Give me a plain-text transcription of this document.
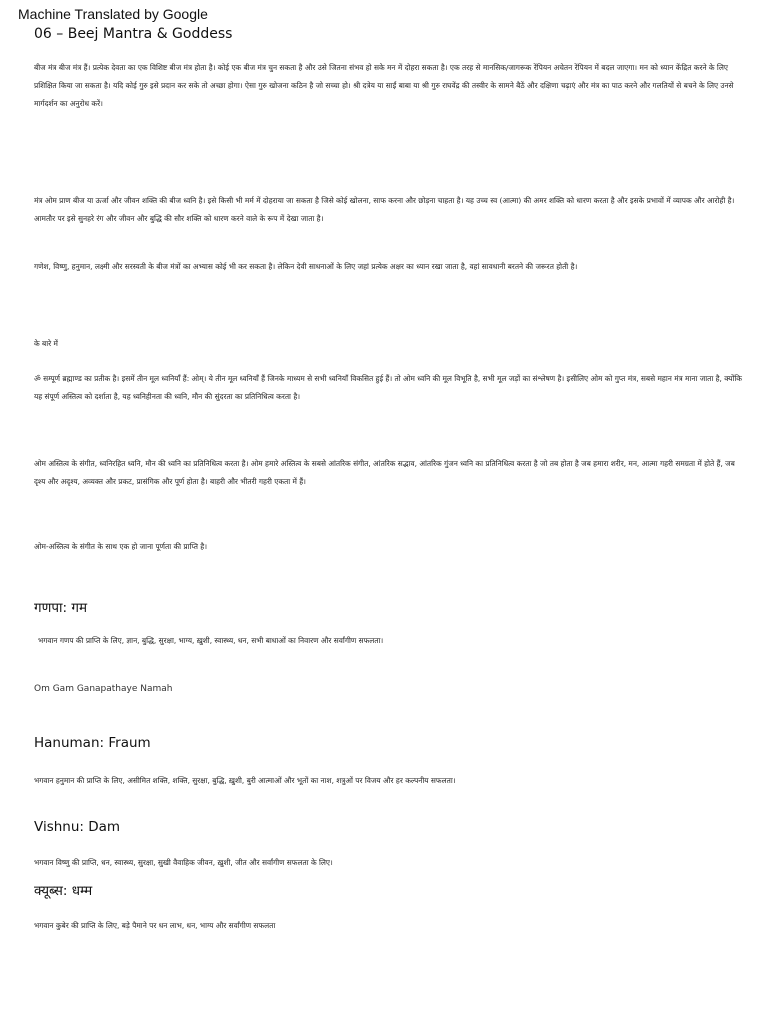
Machine Translated by Google
06 – Beej Mantra & Goddess

बीज मंत्र बीज मंत्र हैं। प्रत्येक देवता का एक विशिष्ट बीज मंत्र होता है। कोई एक बीज मंत्र चुन सकता है और उसे जितना संभव हो सके मन में दोहरा सकता है। एक तरह से मानसिक/जागरूक रेंपियन अचेतन रेंपियन में बदल जाएगा। मन को ध्यान केंद्रित करने के लिए प्रशिक्षित किया जा सकता है। यदि कोई गुरु इसे प्रदान कर सके तो अच्छा होगा। ऐसा गुरु खोजना कठिन है जो सच्चा हो। श्री दत्रेय या साईं बाबा या श्री गुरु राघवेंद्र की तस्वीर के सामने बैठें और दक्षिणा चढ़ाएं और मंत्र का पाठ करने और गलतियों से बचने के लिए उनसे मार्गदर्शन का अनुरोध करें।

मंत्र ओम प्राण बीज या ऊर्जा और जीवन शक्ति की बीज ध्वनि है। इसे किसी भी मर्म में दोहराया जा सकता है जिसे कोई खोलना, साफ करना और छोड़ना चाहता है। यह उच्च स्व (आत्मा) की अमर शक्ति को धारण करता है और इसके प्रभावों में व्यापक और आरोही है। आमतौर पर इसे सुनहरे रंग और जीवन और बुद्धि की सौर शक्ति को धारण करने वाले के रूप में देखा जाता है।

गणेश, विष्णु, हनुमान, लक्ष्मी और सरस्वती के बीज मंत्रों का अभ्यास कोई भी कर सकता है। लेकिन देवी साधनाओं के लिए जहां प्रत्येक अक्षर का ध्यान रखा जाता है, वहां सावधानी बरतने की जरूरत होती है।

के बारे में

ॐ सम्पूर्ण ब्रह्माण्ड का प्रतीक है। इसमें तीन मूल ध्वनियाँ हैं: ओम्। ये तीन मूल ध्वनियाँ हैं जिनके माध्यम से सभी ध्वनियाँ विकसित हुई हैं। तो ओम ध्वनि की मूल विभूति है, सभी मूल जड़ों का संश्लेषण है। इसीलिए ओम को गुप्त मंत्र, सबसे महान मंत्र माना जाता है, क्योंकि यह संपूर्ण अस्तित्व को दर्शाता है, यह ध्वनिहीनता की ध्वनि, मौन की सुंदरता का प्रतिनिधित्व करता है।

ओम अस्तित्व के संगीत, ध्वनिरहित ध्वनि, मौन की ध्वनि का प्रतिनिधित्व करता है। ओम हमारे अस्तित्व के सबसे आंतरिक संगीत, आंतरिक सद्भाव, आंतरिक गुंजन ध्वनि का प्रतिनिधित्व करता है जो तब होता है जब हमारा शरीर, मन, आत्मा गहरी समग्रता में होते हैं, जब दृश्य और अदृश्य, अव्यक्त और प्रकट, प्रासंगिक और पूर्ण होता है। बाहरी और भीतरी गहरी एकता में हैं।

ओम-अस्तित्व के संगीत के साथ एक हो जाना पूर्णता की प्राप्ति है।

गणपा: गम

भगवान गणप की प्राप्ति के लिए, ज्ञान, बुद्धि, सुरक्षा, भाग्य, ख़ुशी, स्वास्थ्य, धन, सभी बाधाओं का निवारण और सर्वांगीण सफलता।

Om Gam Ganapathaye Namah

Hanuman: Fraum

भगवान हनुमान की प्राप्ति के लिए, असीमित शक्ति, शक्ति, सुरक्षा, बुद्धि, ख़ुशी, बुरी आत्माओं और भूतों का नाश, शत्रुओं पर विजय और हर कल्पनीय सफलता।

Vishnu: Dam

भगवान विष्णु की प्राप्ति, धन, स्वास्थ्य, सुरक्षा, सुखी वैवाहिक जीवन, ख़ुशी, जीत और सर्वांगीण सफलता के लिए।

क्यूब्स: धम्म

भगवान कुबेर की प्राप्ति के लिए, बड़े पैमाने पर धन लाभ, धन, भाग्य और सर्वांगीण सफलता
